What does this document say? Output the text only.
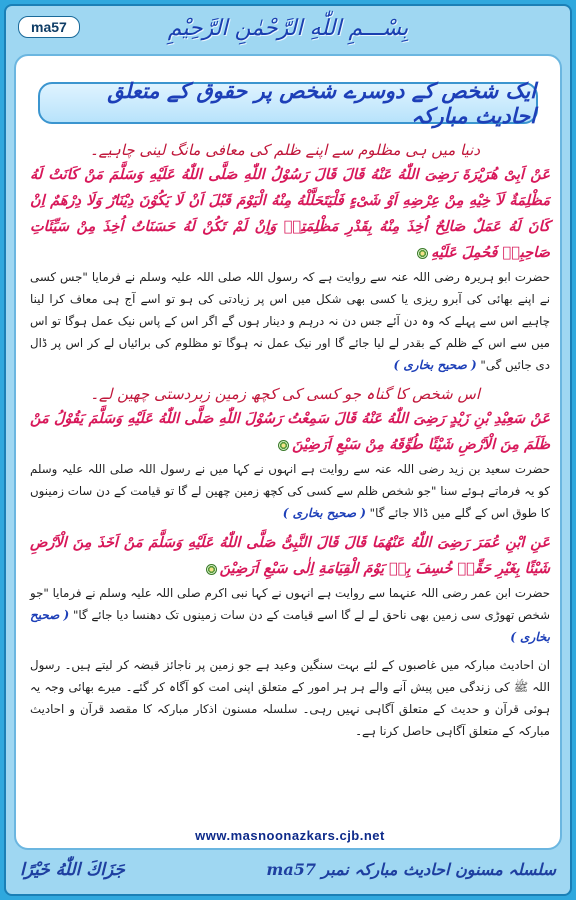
ma57	بِسْـــمِ اللّٰهِ الرَّحْمٰنِ الرَّحِيْمِ
ایک شخص کے دوسرے شخص پر حقوق کے متعلق احادیث مبارکہ
دنیا میں ہی مظلوم سے اپنے ظلم کی معافی مانگ لینی چاہیے۔
عَنْ اَبِیْ هُرَیْرَةَ رَضِیَ اللّٰهُ عَنْهُ قَالَ قَالَ رَسُوْلُ اللّٰهِ صَلَّى اللّٰهُ عَلَیْهِ وَسَلَّمَ مَنْ كَانَتْ لَهُ مَظْلِمَةٌ لَاَ خِیْهِ مِنْ عِرْضِهِ اَوْ شَیْءٍ فَلْیَتَحَلَّلْهُ مِنْهُ الْیَوْمَ قَبْلَ اَنْ لَا یَكُوْنَ دِیْنَارٌ وَلَا دِرْهَمٌ اِنْ كَانَ لَهُ عَمَلٌ صَالِحٌ اُخِذَ مِنْهُ بِقَدْرِ مَظْلِمَتِهٖ وَاِنْ لَمْ تَكُنْ لَهُ حَسَنَاتٌ اُخِذَ مِنْ سَیِّئَاتِ صَاحِبِهٖ فَحُمِلَ عَلَیْهِ
حضرت ابو ہریرہ رضی اللہ عنہ سے روایت ہے کہ رسول اللہ صلی اللہ علیہ وسلم نے فرمایا "جس کسی نے اپنے بھائی کی آبرو ریزی یا کسی بھی شکل میں اس پر زیادتی کی ہو تو اسے آج ہی معاف کرا لینا چاہیے اس سے پہلے کہ وہ دن آئے جس دن نہ درہم و دینار ہوں گے اگر اس کے پاس نیک عمل ہوگا تو اس میں سے اس کے ظلم کے بقدر لے لیا جائے گا اور نیک عمل نہ ہوگا تو مظلوم کی برائیاں لے کر اس پر ڈال دی جائیں گی" ( صحیح بخاری )
اس شخص کا گناہ جو کسی کی کچھ زمین زبردستی چھین لے۔
عَنْ سَعِیْدِ بْنِ زَیْدٍ رَضِیَ اللّٰهُ عَنْهُ قَالَ سَمِعْتُ رَسُوْلَ اللّٰهِ صَلَّى اللّٰهُ عَلَیْهِ وَسَلَّمَ یَقُوْلُ مَنْ ظَلَمَ مِنَ الْاَرْضِ شَیْئًا طُوِّقَهُ مِنْ سَبْعِ اَرَضِیْنَ
حضرت سعید بن زید رضی اللہ عنہ سے روایت ہے انہوں نے کہا میں نے رسول اللہ صلی اللہ علیہ وسلم کو یہ فرماتے ہوئے سنا "جو شخص ظلم سے کسی کی کچھ زمین چھین لے گا تو قیامت کے دن سات زمینوں کا طوق اس کے گلے میں ڈالا جائے گا" ( صحیح بخاری )
عَنِ ابْنِ عُمَرَ رَضِیَ اللّٰهُ عَنْهُمَا قَالَ قَالَ النَّبِیُّ صَلَّى اللّٰهُ عَلَیْهِ وَسَلَّمَ مَنْ اَخَذَ مِنَ الْاَرْضِ شَیْئًا بِغَیْرِ حَقِّهٖ خُسِفَ بِهٖ یَوْمَ الْقِیَامَةِ اِلٰى سَبْعِ اَرَضِیْنَ
حضرت ابن عمر رضی اللہ عنہما سے روایت ہے انہوں نے کہا نبی اکرم صلی اللہ علیہ وسلم نے فرمایا "جو شخص تھوڑی سی زمین بھی ناحق لے لے گا اسے قیامت کے دن سات زمینوں تک دھنسا دیا جائے گا" ( صحیح بخاری )
ان احادیث مبارکہ میں غاصبوں کے لئے بہت سنگین وعید ہے جو زمین پر ناجائز قبضہ کر لیتے ہیں۔ رسول اللہ ﷺ کی زندگی میں پیش آنے والے ہر ہر امور کے متعلق اپنی امت کو آگاہ کر گئے۔ میرے بھائی وجہ یہ ہوئی قرآن و حدیث کے متعلق آگاہی نہیں رہی۔ سلسلہ مسنون اذکار مبارکہ کا مقصد قرآن و احادیث مبارکہ کے متعلق آگاہی حاصل کرنا ہے۔
www.masnoonazkars.cjb.net
جَزَاكَ اللّٰهُ خَیْرًا	سلسلہ مسنون احادیث مبارکہ نمبر ma57
